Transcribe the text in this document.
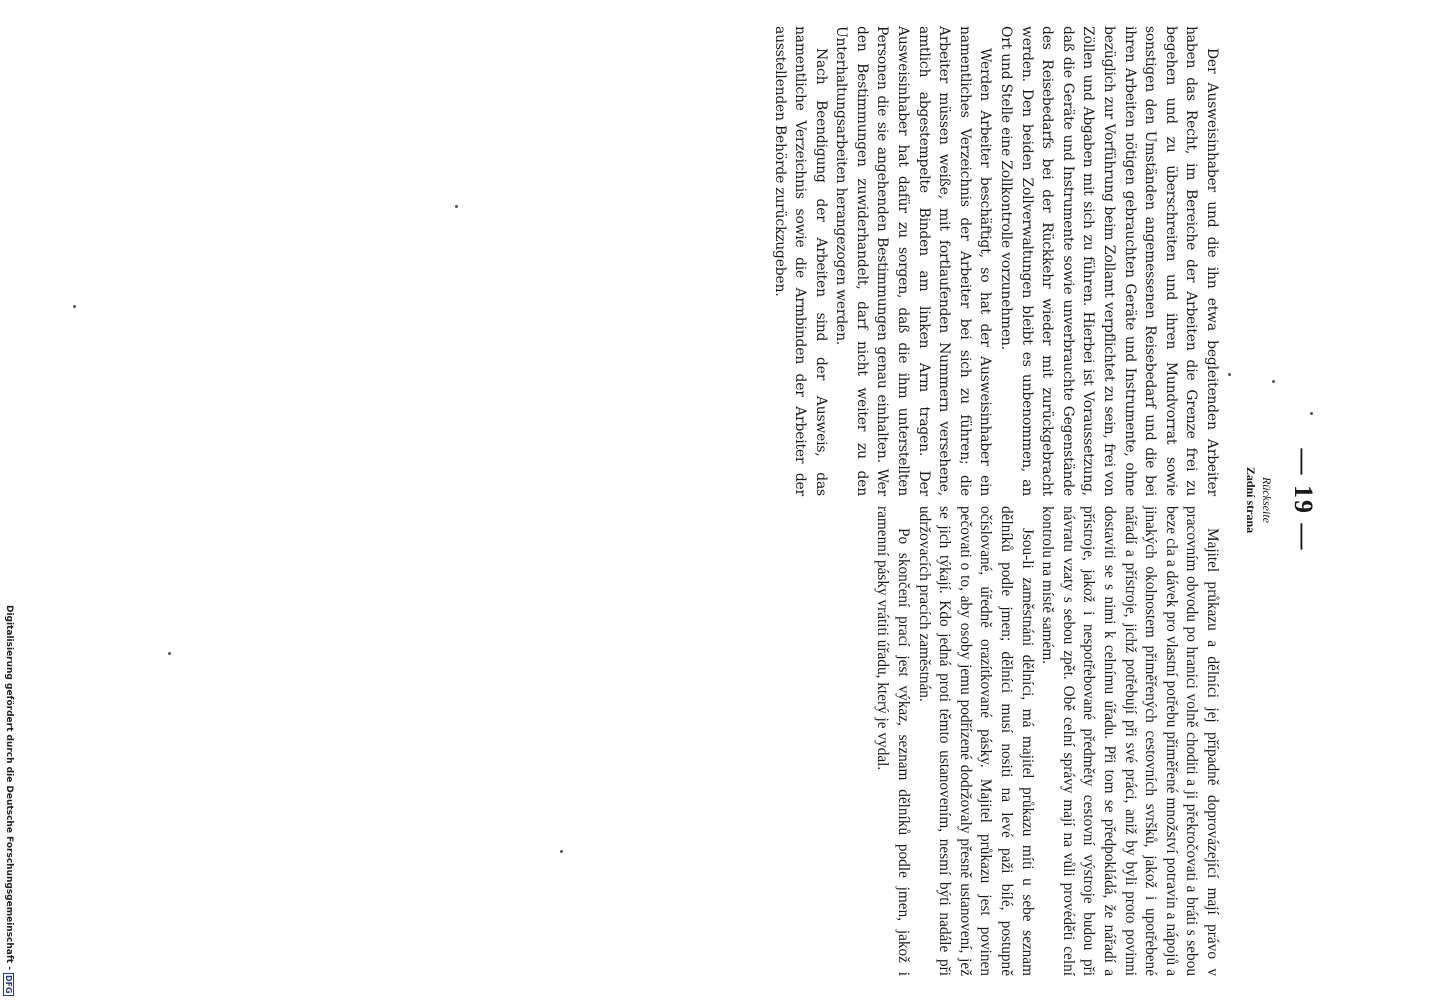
— 19 —
Rückseite
Zadní strana

Der Ausweisinhaber und die ihn etwa begleitenden Arbeiter haben das Recht, im Bereiche der Arbeiten die Grenze frei zu begehen und zu überschreiten und ihren Mundvorrat sowie sonstigen den Umständen angemessenen Reisebedarf und die bei ihren Arbeiten nötigen gebrauchten Geräte und Instrumente, ohne bezüglich zur Vorführung beim Zollamt verpflichtet zu sein, frei von Zöllen und Abgaben mit sich zu führen. Hierbei ist Voraussetzung, daß die Geräte und Instrumente sowie unverbrauchte Gegenstände des Reisebedarfs bei der Rückkehr wieder mit zurückgebracht werden. Den beiden Zollverwaltungen bleibt es unbenommen, an Ort und Stelle eine Zollkontrolle vorzunehmen.

Werden Arbeiter beschäftigt, so hat der Ausweisinhaber ein namentliches Verzeichnis der Arbeiter bei sich zu führen; die Arbeiter müssen weiße, mit fortlaufenden Nummern versehene, amtlich abgestempelte Binden am linken Arm tragen. Der Ausweisinhaber hat dafür zu sorgen, daß die ihm unterstellten Personen die sie angehenden Bestimmungen genau einhalten. Wer den Bestimmungen zuwiderhandelt, darf nicht weiter zu den Unterhaltungsarbeiten herangezogen werden.

Nach Beendigung der Arbeiten sind der Ausweis, das namentliche Verzeichnis sowie die Armbinden der Arbeiter der ausstellenden Behörde zurückzugeben.

Majitel průkazu a dělníci jej případně doprovázející mají právo v pracovním obvodu po hranici volně choditi a ji překročovati a bráti s sebou beze cla a dávek pro vlastní potřebu přiměřené množství potravin a nápojů a jinakých okolnostem přiměřených cestovních svršků, jakož i upotřebené nářadí a přístroje, jichž potřebují při své práci, aniž by byli proto povinni dostaviti se s nimi k celnímu úřadu. Při tom se předpokládá, že nářadí a přístroje, jakož i nespotřebované předměty cestovní výstroje budou při návratu vzaty s sebou zpět. Obě celní správy mají na vůli provéděti celní kontrolu na místě samém.

Jsou-li zaměstnáni dělníci, má majitel průkazu míti u sebe seznam dělníků podle jmen; dělníci musí nositi na levé paži bílé, postupně očíslované, úředně orazítkované pásky. Majitel průkazu jest povinen pečovati o to, aby osoby jemu podřízené dodržovaly přesně ustanovení, jež se jich týkají. Kdo jedná proti těmto ustanovením, nesmí býti nadále při udržovacích pracích zaměstnán.

Po skončení prací jest výkaz, seznam dělníků podle jmen, jakož i ramenní pásky vrátiti úřadu, který je vydal.

Digitalisierung gefördert durch die Deutsche Forschungsgemeinschaft -
DFG
